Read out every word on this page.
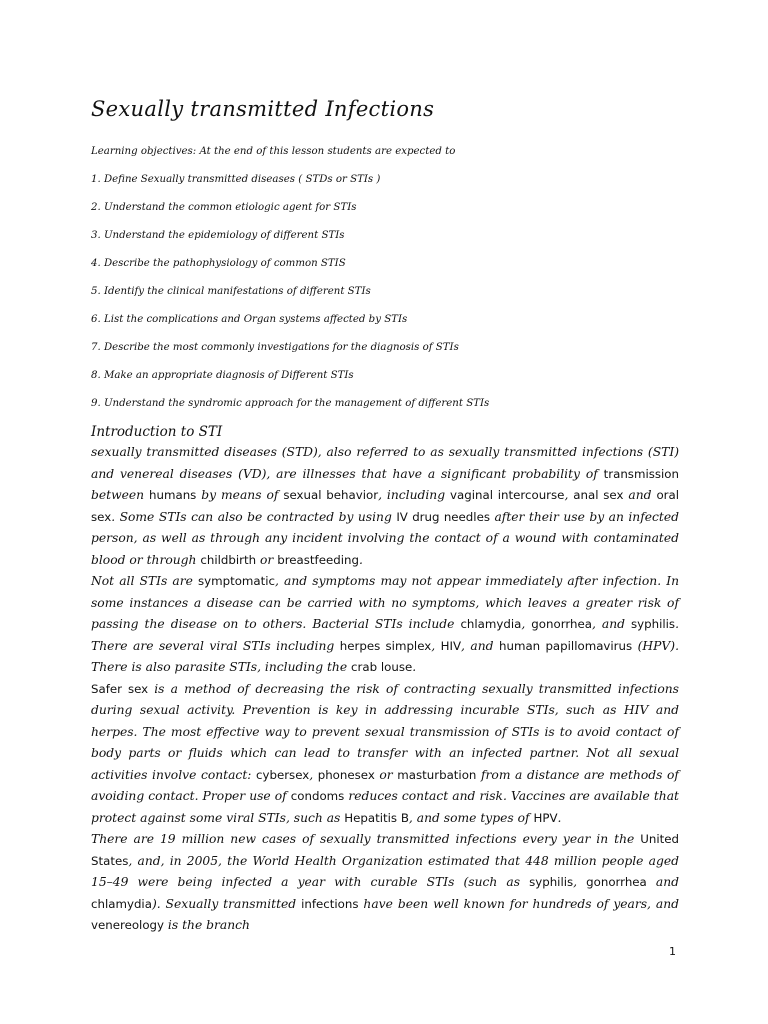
Sexually transmitted Infections
Learning objectives: At the end of this lesson students are expected to
1. Define Sexually transmitted diseases ( STDs or STIs )
2. Understand the common etiologic agent for STIs
3. Understand the epidemiology of different STIs
4. Describe the pathophysiology of common STIS
5. Identify the clinical manifestations of different STIs
6. List the complications and Organ systems affected by STIs
7. Describe the most commonly investigations for the diagnosis of STIs
8. Make an appropriate diagnosis of Different STIs
9. Understand the syndromic approach for the management of different STIs
Introduction to STI

sexually transmitted diseases (STD), also referred to as sexually transmitted infections (STI) and venereal diseases (VD), are illnesses that have a significant probability of transmission between humans by means of sexual behavior, including vaginal intercourse, anal sex and oral sex. Some STIs can also be contracted by using IV drug needles after their use by an infected person, as well as through any incident involving the contact of a wound with contaminated blood or through childbirth or breastfeeding.

Not all STIs are symptomatic, and symptoms may not appear immediately after infection. In some instances a disease can be carried with no symptoms, which leaves a greater risk of passing the disease on to others. Bacterial STIs include chlamydia, gonorrhea, and syphilis. There are several viral STIs including herpes simplex, HIV, and human papillomavirus (HPV). There is also parasite STIs, including the crab louse.

Safer sex is a method of decreasing the risk of contracting sexually transmitted infections during sexual activity. Prevention is key in addressing incurable STIs, such as HIV and herpes. The most effective way to prevent sexual transmission of STIs is to avoid contact of body parts or fluids which can lead to transfer with an infected partner. Not all sexual activities involve contact: cybersex, phonesex or masturbation from a distance are methods of avoiding contact. Proper use of condoms reduces contact and risk. Vaccines are available that protect against some viral STIs, such as Hepatitis B, and some types of HPV.

There are 19 million new cases of sexually transmitted infections every year in the United States, and, in 2005, the World Health Organization estimated that 448 million people aged 15–49 were being infected a year with curable STIs (such as syphilis, gonorrhea and chlamydia). Sexually transmitted infections have been well known for hundreds of years, and venereology is the branch

1
